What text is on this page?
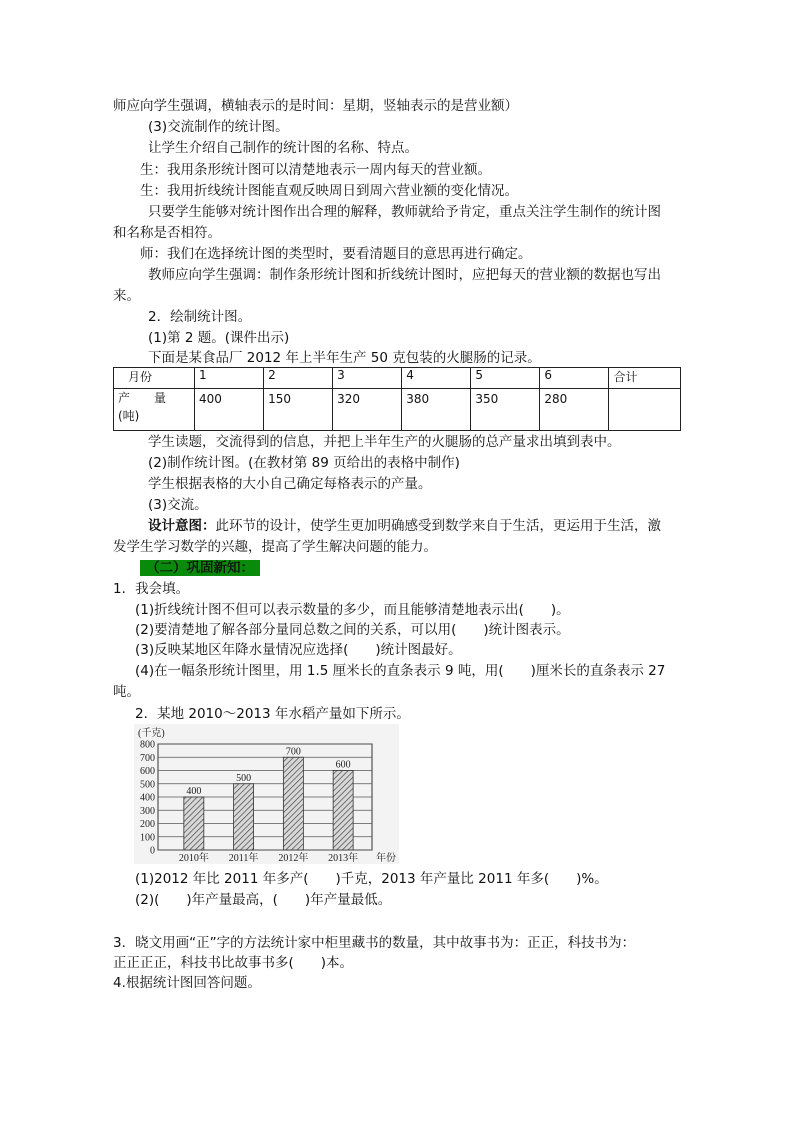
师应向学生强调，横轴表示的是时间：星期，竖轴表示的是营业额）
(3)交流制作的统计图。
让学生介绍自己制作的统计图的名称、特点。
生：我用条形统计图可以清楚地表示一周内每天的营业额。
生：我用折线统计图能直观反映周日到周六营业额的变化情况。
只要学生能够对统计图作出合理的解释，教师就给予肯定，重点关注学生制作的统计图
和名称是否相符。
师：我们在选择统计图的类型时，要看清题目的意思再进行确定。
教师应向学生强调：制作条形统计图和折线统计图时，应把每天的营业额的数据也写出
来。
2．绘制统计图。
(1)第 2 题。(课件出示)
下面是某食品厂 2012 年上半年生产 50 克包装的火腿肠的记录。
月份	1	2	3	4	5	6	合计
产　　量
(吨)	400	150	320	380	350	280	
学生读题，交流得到的信息，并把上半年生产的火腿肠的总产量求出填到表中。
(2)制作统计图。(在教材第 89 页给出的表格中制作)
学生根据表格的大小自己确定每格表示的产量。
(3)交流。
设计意图：此环节的设计，使学生更加明确感受到数学来自于生活，更运用于生活，激
发学生学习数学的兴趣，提高了学生解决问题的能力。
（二）巩固新知：
1．我会填。
(1)折线统计图不但可以表示数量的多少，而且能够清楚地表示出(　　)。
(2)要清楚地了解各部分量同总数之间的关系，可以用(　　)统计图表示。
(3)反映某地区年降水量情况应选择(　　)统计图最好。
(4)在一幅条形统计图里，用 1.5 厘米长的直条表示 9 吨，用(　　)厘米长的直条表示 27
吨。
2．某地 2010～2013 年水稻产量如下所示。
0
100
200
300
400
500
600
700
800
(千克)
400
2010年
500
2011年
700
2012年
600
2013年 年份
(1)2012 年比 2011 年多产(　　)千克，2013 年产量比 2011 年多(　　)%。
(2)(　　)年产量最高，(　　)年产量最低。
3．晓文用画“正”字的方法统计家中柜里藏书的数量，其中故事书为：正正，科技书为：
正正正正，科技书比故事书多(　　)本。
4.根据统计图回答问题。
